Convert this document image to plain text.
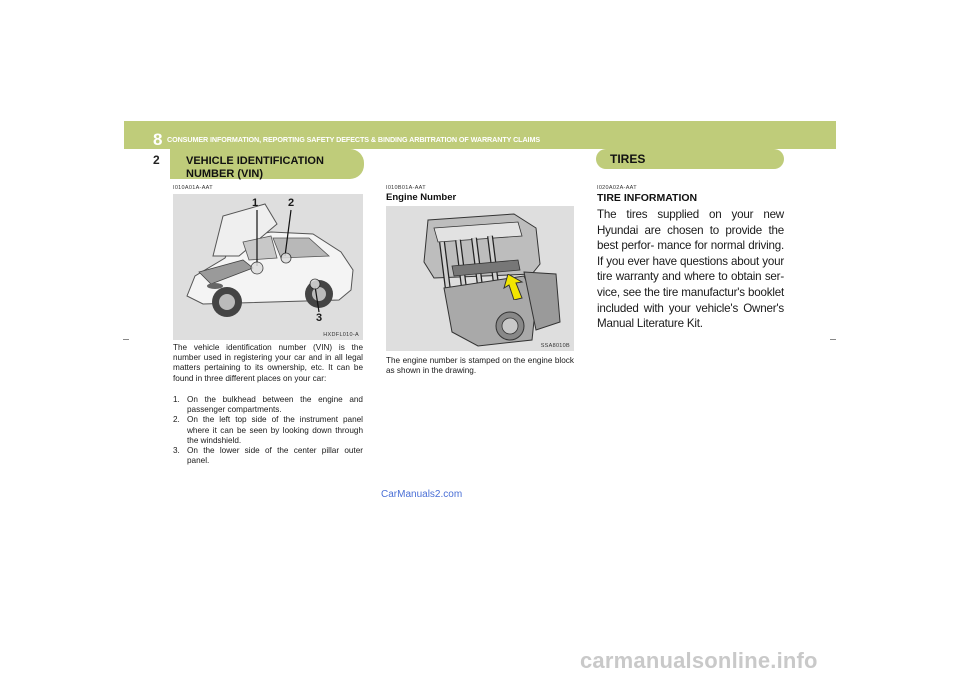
8 CONSUMER INFORMATION, REPORTING SAFETY DEFECTS & BINDING ARBITRATION OF WARRANTY CLAIMS
2 VEHICLE IDENTIFICATION
NUMBER (VIN)
I010A01A-AAT
1	2
3
HXDFL010-A
The vehicle identification number (VIN) is the number used in registering your car and in all legal matters pertaining to its ownership, etc. It can be found in three different places on your car:
1. On the bulkhead between the engine and passenger compartments.
2. On the left top side of the instrument panel where it can be seen by looking down through the windshield.
3. On the lower side of the center pillar outer panel.
I010B01A-AAT
Engine Number
SSA8010B
The engine number is stamped on the engine block as shown in the drawing.
TIRES
I020A02A-AAT
TIRE INFORMATION
The tires supplied on your new Hyundai are chosen to provide the best perfor- mance for normal driving. If you ever have questions about your tire warranty and where to obtain ser- vice, see the tire manufactur's booklet included with your vehicle's Owner's Manual Literature Kit.
CarManuals2.com
carmanualsonline.info
